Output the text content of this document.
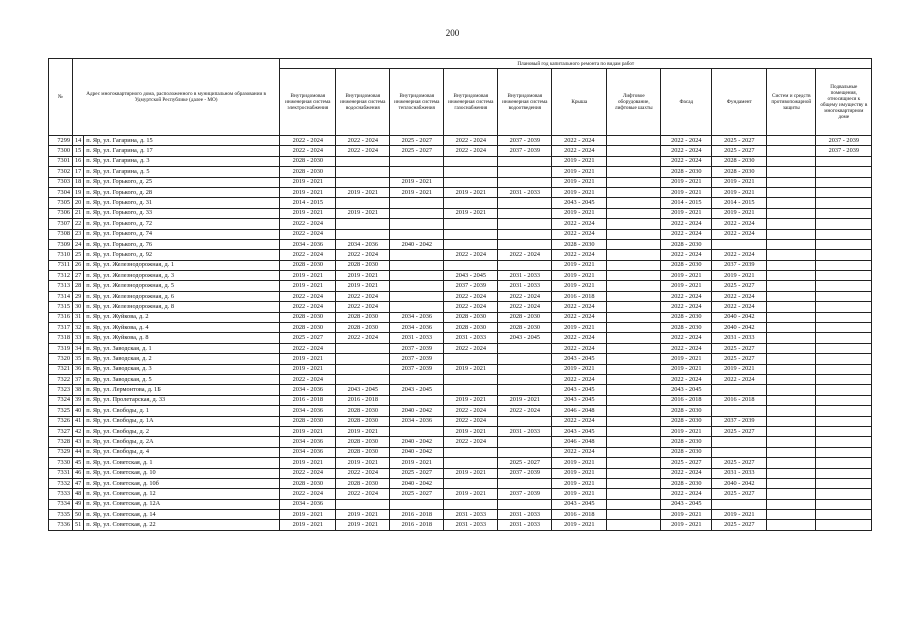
200
№	Адрес многоквартирного дома, расположенного в муниципальном образовании в Удмуртской Республике (далее - МО)		Плановый год капитального ремонта по видам работ										
			Внутридомовая инженерная система электроснабжения	Внутридомовая инженерная система водоснабжения	Внутридомовая инженерная система теплоснабжения	Внутридомовая инженерная система газоснабжения	Внутридомовая инженерная система водоотведения	Крыша	Лифтовое оборудование, лифтовые шахты	Фасад	Фундамент	Систем и средств противопожарной защиты	Подвальные помещения, относящиеся к общему имуществу в многоквартирном доме
7299	14	п. Яр, ул. Гагарина, д. 15	2022 - 2024	2022 - 2024	2025 - 2027	2022 - 2024	2037 - 2039	2022 - 2024		2022 - 2024	2025 - 2027		2037 - 2039
7300	15	п. Яр, ул. Гагарина, д. 17	2022 - 2024	2022 - 2024	2025 - 2027	2022 - 2024	2037 - 2039	2022 - 2024		2022 - 2024	2025 - 2027		2037 - 2039
7301	16	п. Яр, ул. Гагарина, д. 3	2028 - 2030					2019 - 2021		2022 - 2024	2028 - 2030		
7302	17	п. Яр, ул. Гагарина, д. 5	2028 - 2030					2019 - 2021		2028 - 2030	2028 - 2030		
7303	18	п. Яр, ул. Горького, д. 25	2019 - 2021		2019 - 2021			2019 - 2021		2019 - 2021	2019 - 2021		
7304	19	п. Яр, ул. Горького, д. 28	2019 - 2021	2019 - 2021	2019 - 2021	2019 - 2021	2031 - 2033	2019 - 2021		2019 - 2021	2019 - 2021		
7305	20	п. Яр, ул. Горького, д. 31	2014 - 2015					2043 - 2045		2014 - 2015	2014 - 2015		
7306	21	п. Яр, ул. Горького, д. 33	2019 - 2021	2019 - 2021		2019 - 2021		2019 - 2021		2019 - 2021	2019 - 2021		
7307	22	п. Яр, ул. Горького, д. 72	2022 - 2024					2022 - 2024		2022 - 2024	2022 - 2024		
7308	23	п. Яр, ул. Горького, д. 74	2022 - 2024					2022 - 2024		2022 - 2024	2022 - 2024		
7309	24	п. Яр, ул. Горького, д. 76	2034 - 2036	2034 - 2036	2040 - 2042			2028 - 2030		2028 - 2030			
7310	25	п. Яр, ул. Горького, д. 92	2022 - 2024	2022 - 2024		2022 - 2024	2022 - 2024	2022 - 2024		2022 - 2024	2022 - 2024		
7311	26	п. Яр, ул. Железнодорожная, д. 1	2028 - 2030	2028 - 2030				2019 - 2021		2028 - 2030	2037 - 2039		
7312	27	п. Яр, ул. Железнодорожная, д. 3	2019 - 2021	2019 - 2021		2043 - 2045	2031 - 2033	2019 - 2021		2019 - 2021	2019 - 2021		
7313	28	п. Яр, ул. Железнодорожная, д. 5	2019 - 2021	2019 - 2021		2037 - 2039	2031 - 2033	2019 - 2021		2019 - 2021	2025 - 2027		
7314	29	п. Яр, ул. Железнодорожная, д. 6	2022 - 2024	2022 - 2024		2022 - 2024	2022 - 2024	2016 - 2018		2022 - 2024	2022 - 2024		
7315	30	п. Яр, ул. Железнодорожная, д. 8	2022 - 2024	2022 - 2024		2022 - 2024	2022 - 2024	2022 - 2024		2022 - 2024	2022 - 2024		
7316	31	п. Яр, ул. Жуйкова, д. 2	2028 - 2030	2028 - 2030	2034 - 2036	2028 - 2030	2028 - 2030	2022 - 2024		2028 - 2030	2040 - 2042		
7317	32	п. Яр, ул. Жуйкова, д. 4	2028 - 2030	2028 - 2030	2034 - 2036	2028 - 2030	2028 - 2030	2019 - 2021		2028 - 2030	2040 - 2042		
7318	33	п. Яр, ул. Жуйкова, д. 8	2025 - 2027	2022 - 2024	2031 - 2033	2031 - 2033	2043 - 2045	2022 - 2024		2022 - 2024	2031 - 2033		
7319	34	п. Яр, ул. Заводская, д. 1	2022 - 2024		2037 - 2039	2022 - 2024		2022 - 2024		2022 - 2024	2025 - 2027		
7320	35	п. Яр, ул. Заводская, д. 2	2019 - 2021		2037 - 2039			2043 - 2045		2019 - 2021	2025 - 2027		
7321	36	п. Яр, ул. Заводская, д. 3	2019 - 2021		2037 - 2039	2019 - 2021		2019 - 2021		2019 - 2021	2019 - 2021		
7322	37	п. Яр, ул. Заводская, д. 5	2022 - 2024					2022 - 2024		2022 - 2024	2022 - 2024		
7323	38	п. Яр, ул. Лермонтова, д. 1Б	2034 - 2036	2043 - 2045	2043 - 2045			2043 - 2045		2043 - 2045			
7324	39	п. Яр, ул. Пролетарская, д. 33	2016 - 2018	2016 - 2018		2019 - 2021	2019 - 2021	2043 - 2045		2016 - 2018	2016 - 2018		
7325	40	п. Яр, ул. Свободы, д. 1	2034 - 2036	2028 - 2030	2040 - 2042	2022 - 2024	2022 - 2024	2046 - 2048		2028 - 2030			
7326	41	п. Яр, ул. Свободы, д. 1А	2028 - 2030	2028 - 2030	2034 - 2036	2022 - 2024		2022 - 2024		2028 - 2030	2037 - 2039		
7327	42	п. Яр, ул. Свободы, д. 2	2019 - 2021	2019 - 2021		2019 - 2021	2031 - 2033	2043 - 2045		2019 - 2021	2025 - 2027		
7328	43	п. Яр, ул. Свободы, д. 2А	2034 - 2036	2028 - 2030	2040 - 2042	2022 - 2024		2046 - 2048		2028 - 2030			
7329	44	п. Яр, ул. Свободы, д. 4	2034 - 2036	2028 - 2030	2040 - 2042			2022 - 2024		2028 - 2030			
7330	45	п. Яр, ул. Советская, д. 1	2019 - 2021	2019 - 2021	2019 - 2021		2025 - 2027	2019 - 2021		2025 - 2027	2025 - 2027		
7331	46	п. Яр, ул. Советская, д. 10	2022 - 2024	2022 - 2024	2025 - 2027	2019 - 2021	2037 - 2039	2019 - 2021		2022 - 2024	2031 - 2033		
7332	47	п. Яр, ул. Советская, д. 10б	2028 - 2030	2028 - 2030	2040 - 2042			2019 - 2021		2028 - 2030	2040 - 2042		
7333	48	п. Яр, ул. Советская, д. 12	2022 - 2024	2022 - 2024	2025 - 2027	2019 - 2021	2037 - 2039	2019 - 2021		2022 - 2024	2025 - 2027		
7334	49	п. Яр, ул. Советская, д. 12А	2034 - 2036					2043 - 2045		2043 - 2045			
7335	50	п. Яр, ул. Советская, д. 14	2019 - 2021	2019 - 2021	2016 - 2018	2031 - 2033	2031 - 2033	2016 - 2018		2019 - 2021	2019 - 2021		
7336	51	п. Яр, ул. Советская, д. 22	2019 - 2021	2019 - 2021	2016 - 2018	2031 - 2033	2031 - 2033	2019 - 2021		2019 - 2021	2025 - 2027		
